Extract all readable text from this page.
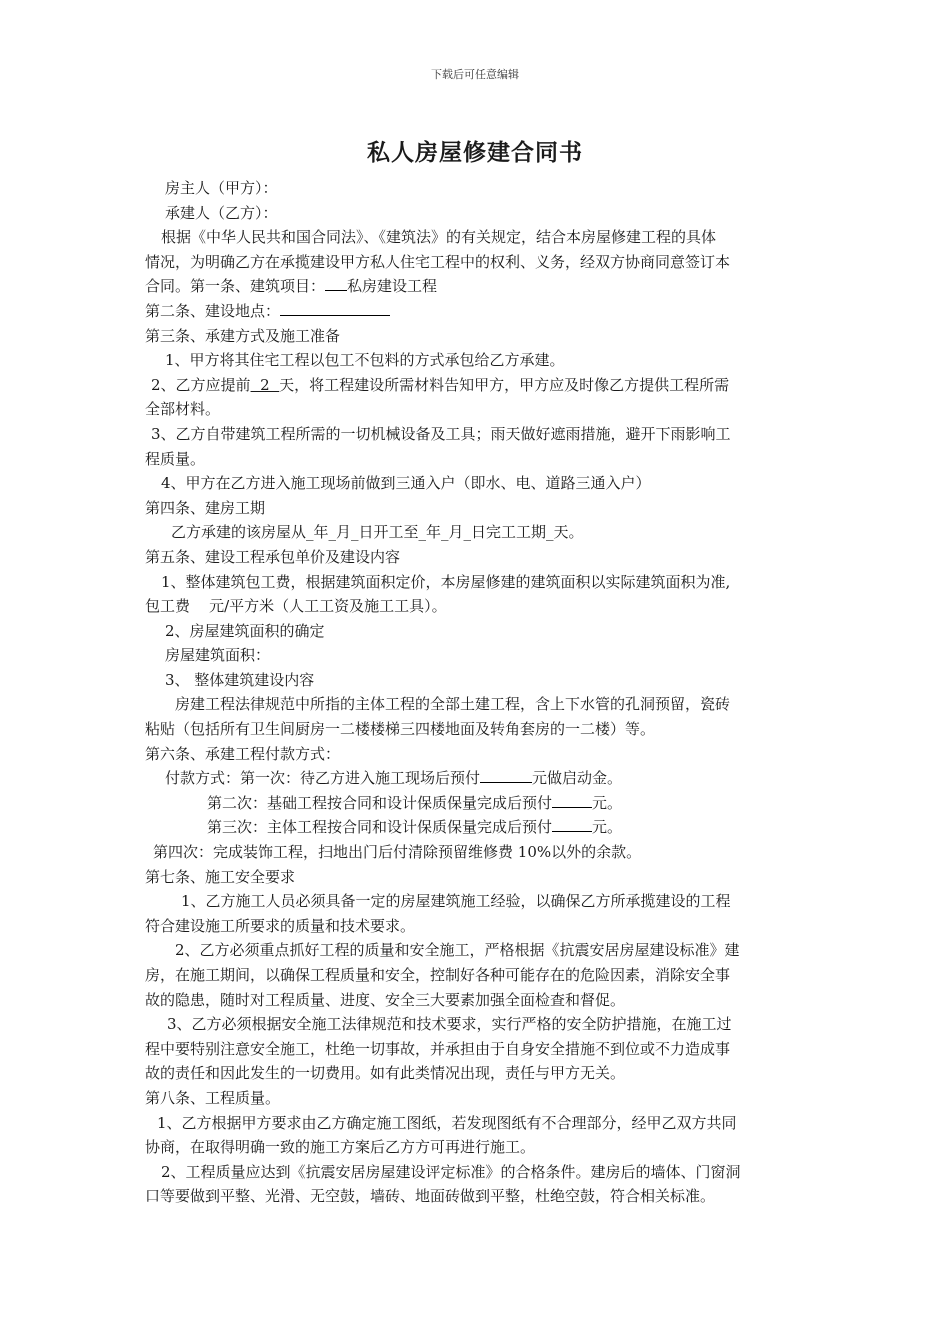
下载后可任意编辑
私人房屋修建合同书
房主人（甲方）：
承建人（乙方）：
根据《中华人民共和国合同法》、《建筑法》的有关规定，结合本房屋修建工程的具体
情况，为明确乙方在承揽建设甲方私人住宅工程中的权利、义务，经双方协商同意签订本
合同。第一条、建筑项目： 私房建设工程
第二条、建设地点：
第三条、承建方式及施工准备
1、甲方将其住宅工程以包工不包料的方式承包给乙方承建。
2、乙方应提前  2  天，将工程建设所需材料告知甲方，甲方应及时像乙方提供工程所需
全部材料。
3、乙方自带建筑工程所需的一切机械设备及工具；雨天做好遮雨措施，避开下雨影响工
程质量。
4、甲方在乙方进入施工现场前做到三通入户（即水、电、道路三通入户）
第四条、建房工期
乙方承建的该房屋从_年_月_日开工至_年_月_日完工工期_天。
第五条、建设工程承包单价及建设内容
1、整体建筑包工费，根据建筑面积定价，本房屋修建的建筑面积以实际建筑面积为准,
包工费    元/平方米（人工工资及施工工具）。
2、房屋建筑面积的确定
房屋建筑面积：
3、 整体建筑建设内容
房建工程法律规范中所指的主体工程的全部土建工程，含上下水管的孔洞预留，瓷砖
粘贴（包括所有卫生间厨房一二楼楼梯三四楼地面及转角套房的一二楼）等。
第六条、承建工程付款方式：
付款方式：第一次：待乙方进入施工现场后预付	元做启动金。
第二次：基础工程按合同和设计保质保量完成后预付	元。
第三次：主体工程按合同和设计保质保量完成后预付	元。
第四次：完成装饰工程，扫地出门后付清除预留维修费 10%以外的余款。
第七条、施工安全要求
1、乙方施工人员必须具备一定的房屋建筑施工经验，以确保乙方所承揽建设的工程
符合建设施工所要求的质量和技术要求。
2、乙方必须重点抓好工程的质量和安全施工，严格根据《抗震安居房屋建设标准》建
房，在施工期间，以确保工程质量和安全，控制好各种可能存在的危险因素，消除安全事
故的隐患，随时对工程质量、进度、安全三大要素加强全面检查和督促。
3、乙方必须根据安全施工法律规范和技术要求，实行严格的安全防护措施，在施工过
程中要特别注意安全施工，杜绝一切事故，并承担由于自身安全措施不到位或不力造成事
故的责任和因此发生的一切费用。如有此类情况出现，责任与甲方无关。
第八条、工程质量。
1、乙方根据甲方要求由乙方确定施工图纸，若发现图纸有不合理部分，经甲乙双方共同
协商，在取得明确一致的施工方案后乙方方可再进行施工。
2、工程质量应达到《抗震安居房屋建设评定标准》的合格条件。建房后的墙体、门窗洞
口等要做到平整、光滑、无空鼓，墙砖、地面砖做到平整，杜绝空鼓，符合相关标准。
